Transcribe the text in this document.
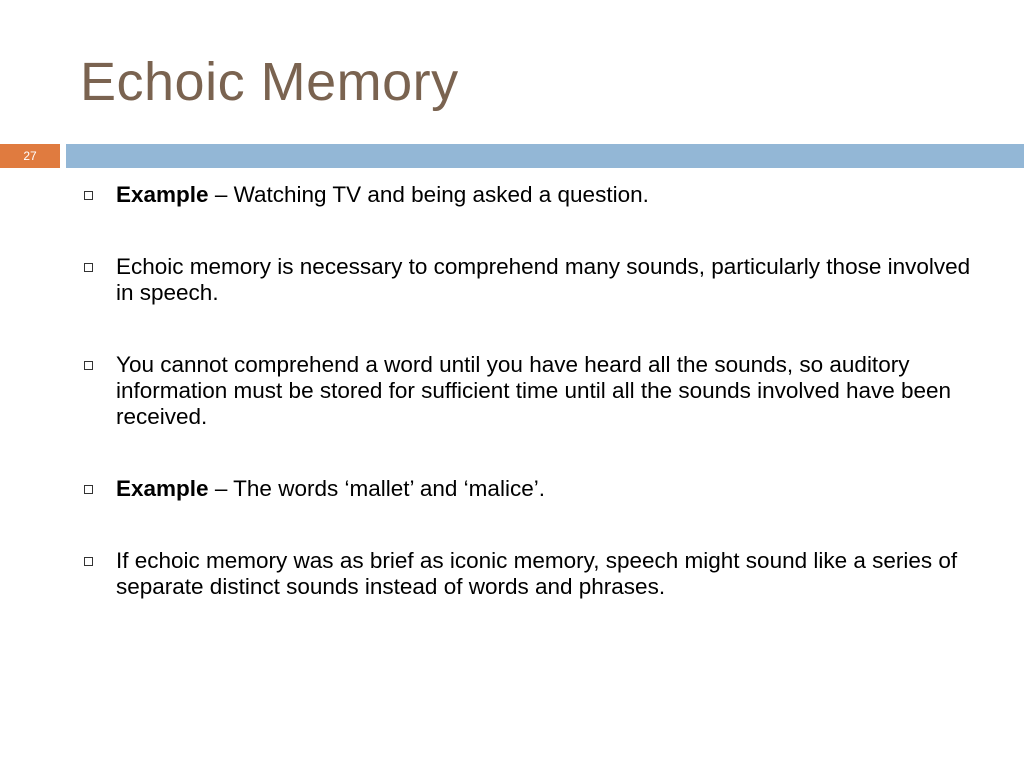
Echoic Memory
27
Example – Watching TV and being asked a question.
Echoic memory is necessary to comprehend many sounds, particularly those involved in speech.
You cannot comprehend a word until you have heard all the sounds, so auditory information must be stored for sufficient time until all the sounds involved have been received.
Example – The words ‘mallet’ and ‘malice’.
If echoic memory was as brief as iconic memory, speech might sound like a series of separate distinct sounds instead of words and phrases.
